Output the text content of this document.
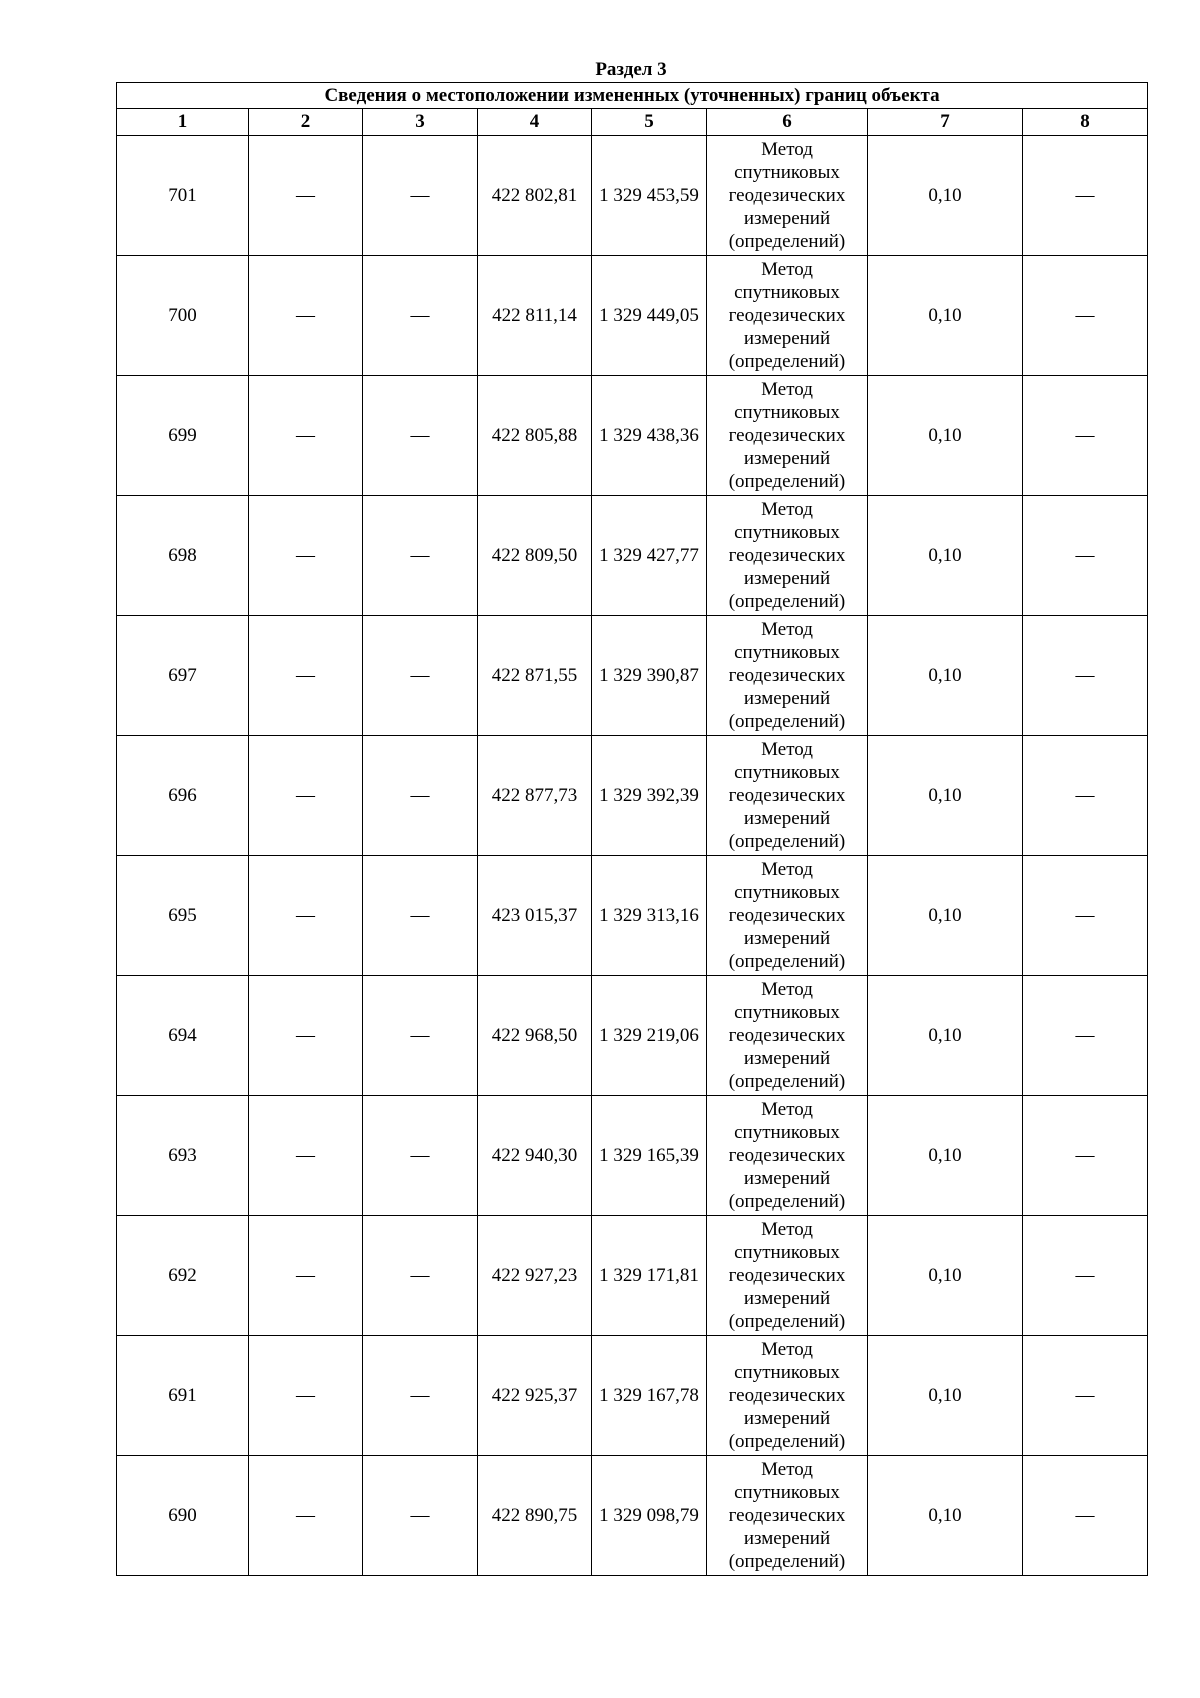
Раздел 3
Сведения о местоположении измененных (уточненных) границ объекта							
1	2	3	4	5	6	7	8
701	—	—	422 802,81	1 329 453,59	Метод спутниковых геодезических измерений (определений)	0,10	—
700	—	—	422 811,14	1 329 449,05	Метод спутниковых геодезических измерений (определений)	0,10	—
699	—	—	422 805,88	1 329 438,36	Метод спутниковых геодезических измерений (определений)	0,10	—
698	—	—	422 809,50	1 329 427,77	Метод спутниковых геодезических измерений (определений)	0,10	—
697	—	—	422 871,55	1 329 390,87	Метод спутниковых геодезических измерений (определений)	0,10	—
696	—	—	422 877,73	1 329 392,39	Метод спутниковых геодезических измерений (определений)	0,10	—
695	—	—	423 015,37	1 329 313,16	Метод спутниковых геодезических измерений (определений)	0,10	—
694	—	—	422 968,50	1 329 219,06	Метод спутниковых геодезических измерений (определений)	0,10	—
693	—	—	422 940,30	1 329 165,39	Метод спутниковых геодезических измерений (определений)	0,10	—
692	—	—	422 927,23	1 329 171,81	Метод спутниковых геодезических измерений (определений)	0,10	—
691	—	—	422 925,37	1 329 167,78	Метод спутниковых геодезических измерений (определений)	0,10	—
690	—	—	422 890,75	1 329 098,79	Метод спутниковых геодезических измерений (определений)	0,10	—
